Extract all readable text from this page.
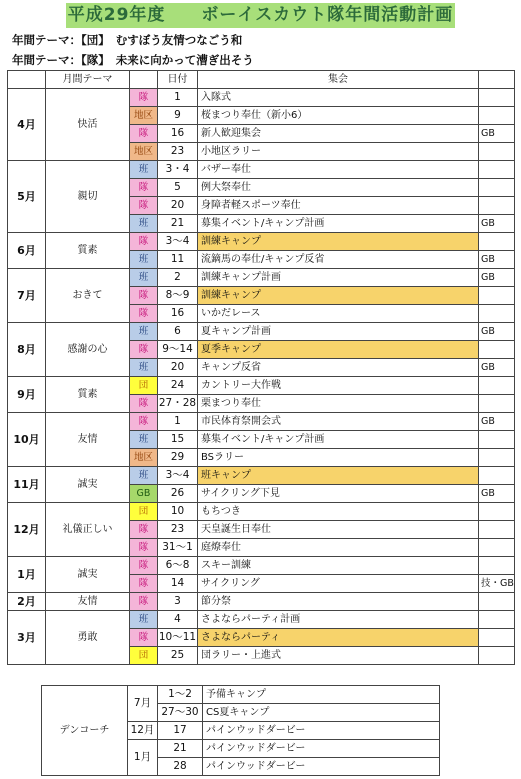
平成29年度　　ボーイスカウト隊年間活動計画
年間テーマ：【団】 むすぼう友情つなごう和
年間テーマ：【隊】 未来に向かって漕ぎ出そう
	月間テーマ		日付	集会	
4月	快活	隊	1	入隊式	
		地区	9	桜まつり奉仕（新小6）	
		隊	16	新人歓迎集会	GB
		地区	23	小地区ラリー	
5月	親切	班	3・4	バザー奉仕	
		隊	5	例大祭奉仕	
		隊	20	身障者軽スポーツ奉仕	
		班	21	募集イベント/キャンプ計画	GB
6月	質素	隊	3〜4	訓練キャンプ	
		班	11	流鏑馬の奉仕/キャンプ反省	GB
7月	おきて	班	2	訓練キャンプ計画	GB
		隊	8〜9	訓練キャンプ	
		隊	16	いかだレース	
8月	感謝の心	班	6	夏キャンプ計画	GB
		隊	9〜14	夏季キャンプ	
		班	20	キャンプ反省	GB
9月	質素	団	24	カントリー大作戦	
		隊	27・28	栗まつり奉仕	
10月	友情	隊	1	市民体育祭開会式	GB
		班	15	募集イベント/キャンプ計画	
		地区	29	BSラリー	
11月	誠実	班	3〜4	班キャンプ	
		GB	26	サイクリング下見	GB
12月	礼儀正しい	団	10	もちつき	
		隊	23	天皇誕生日奉仕	
		隊	31〜1	庭燎奉仕	
1月	誠実	隊	6〜8	スキー訓練	
		隊	14	サイクリング	技・GB
2月	友情	隊	3	節分祭	
3月	勇敢	班	4	さよならパーティ計画	
		隊	10〜11	さよならパーティ	
		団	25	団ラリー・上進式	
デンコーチ	7月	1〜2	予備キャンプ
		27〜30	CS夏キャンプ
	12月	17	パインウッドダービー
	1月	21	パインウッドダービー
		28	パインウッドダービー
